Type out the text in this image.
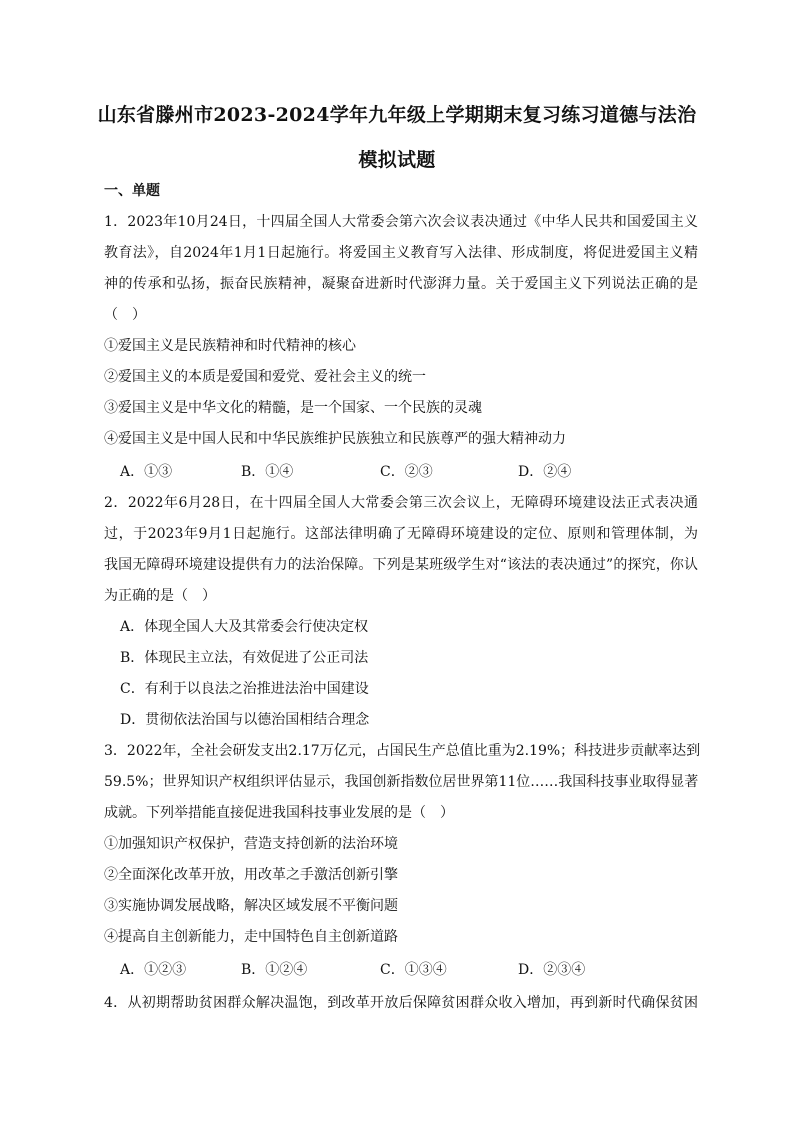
山东省滕州市2023-2024学年九年级上学期期末复习练习道德与法治
模拟试题
一、单题
1．2023年10月24日，十四届全国人大常委会第六次会议表决通过《中华人民共和国爱国主义
教育法》，自2024年1月1日起施行。将爱国主义教育写入法律、形成制度，将促进爱国主义精
神的传承和弘扬，振奋民族精神，凝聚奋进新时代澎湃力量。关于爱国主义下列说法正确的是
（　）
①爱国主义是民族精神和时代精神的核心
②爱国主义的本质是爱国和爱党、爱社会主义的统一
③爱国主义是中华文化的精髓，是一个国家、一个民族的灵魂
④爱国主义是中国人民和中华民族维护民族独立和民族尊严的强大精神动力
A．①③	B．①④	C．②③	D．②④
2．2022年6月28日，在十四届全国人大常委会第三次会议上，无障碍环境建设法正式表决通
过，于2023年9月1日起施行。这部法律明确了无障碍环境建设的定位、原则和管理体制，为
我国无障碍环境建设提供有力的法治保障。下列是某班级学生对“该法的表决通过”的探究，你认
为正确的是（　）
A．体现全国人大及其常委会行使决定权
B．体现民主立法，有效促进了公正司法
C．有利于以良法之治推进法治中国建设
D．贯彻依法治国与以德治国相结合理念
3．2022年，全社会研发支出2.17万亿元，占国民生产总值比重为2.19%；科技进步贡献率达到
59.5%；世界知识产权组织评估显示，我国创新指数位居世界第11位……我国科技事业取得显著
成就。下列举措能直接促进我国科技事业发展的是（　）
①加强知识产权保护，营造支持创新的法治环境
②全面深化改革开放，用改革之手激活创新引擎
③实施协调发展战略，解决区域发展不平衡问题
④提高自主创新能力，走中国特色自主创新道路
A．①②③	B．①②④	C．①③④	D．②③④
4．从初期帮助贫困群众解决温饱，到改革开放后保障贫困群众收入增加，再到新时代确保贫困
